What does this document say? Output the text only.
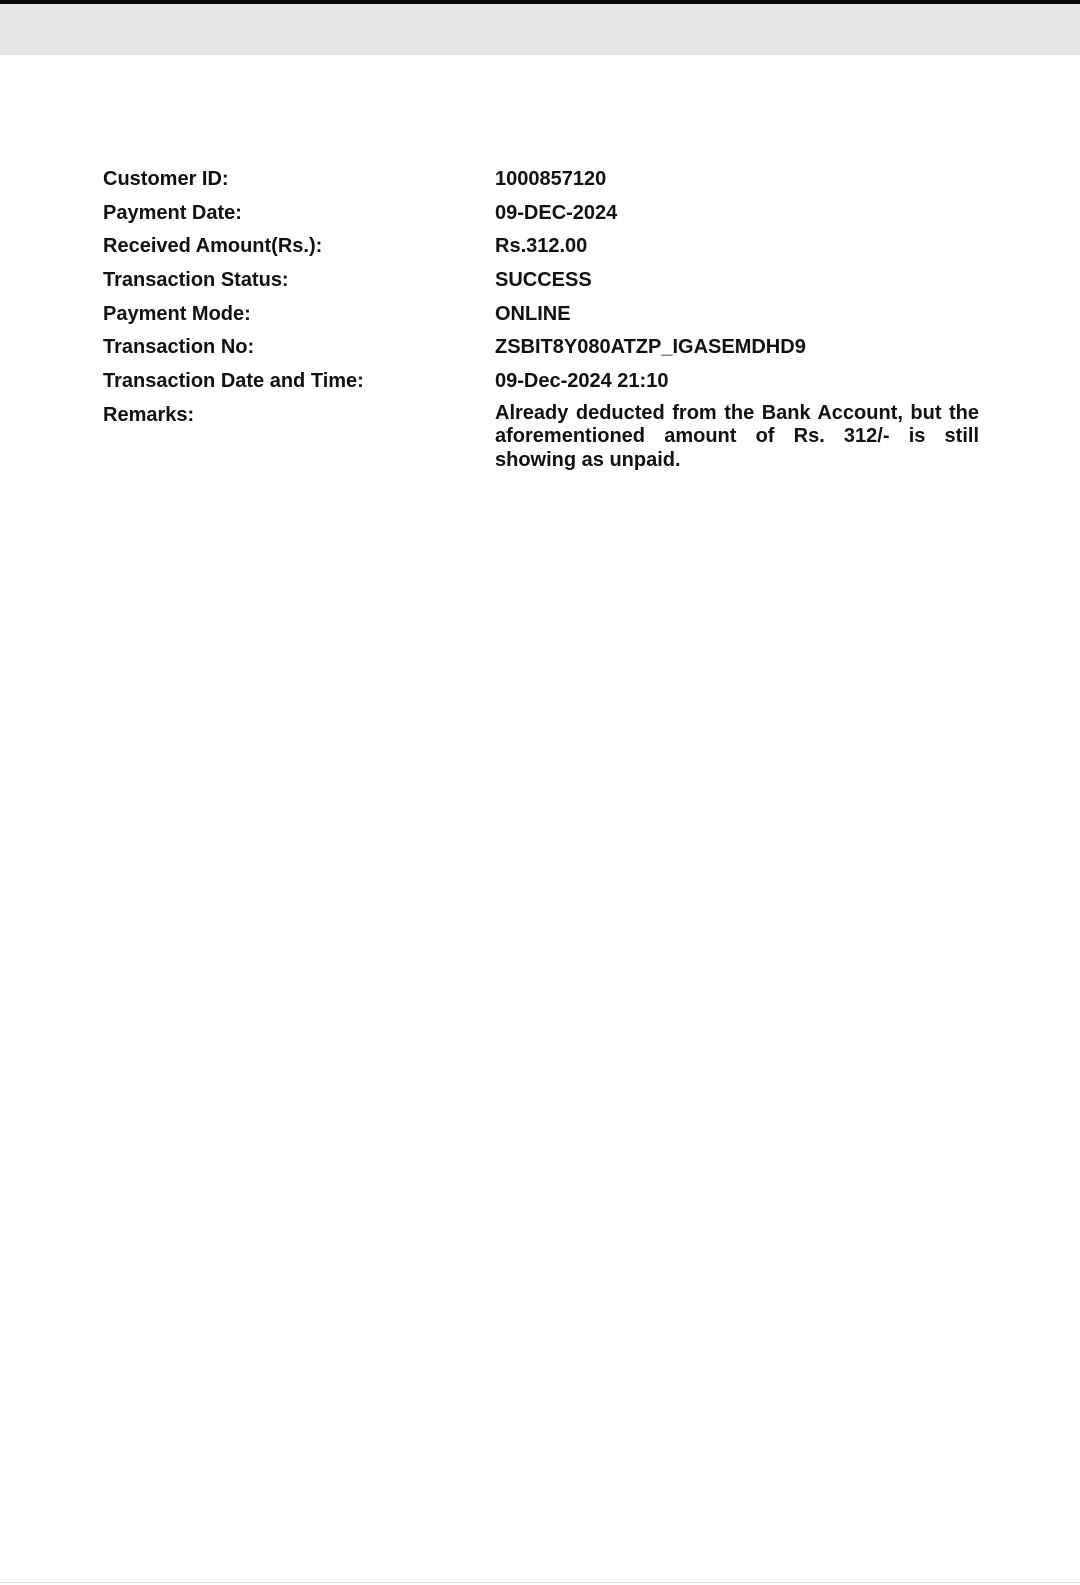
Customer ID:	1000857120
Payment Date:	09-DEC-2024
Received Amount(Rs.):	Rs.312.00
Transaction Status:	SUCCESS
Payment Mode:	ONLINE
Transaction No:	ZSBIT8Y080ATZP_IGASEMDHD9
Transaction Date and Time:	09-Dec-2024 21:10
Remarks:	Already deducted from the Bank Account, but the aforementioned amount of Rs. 312/- is still showing as unpaid.
